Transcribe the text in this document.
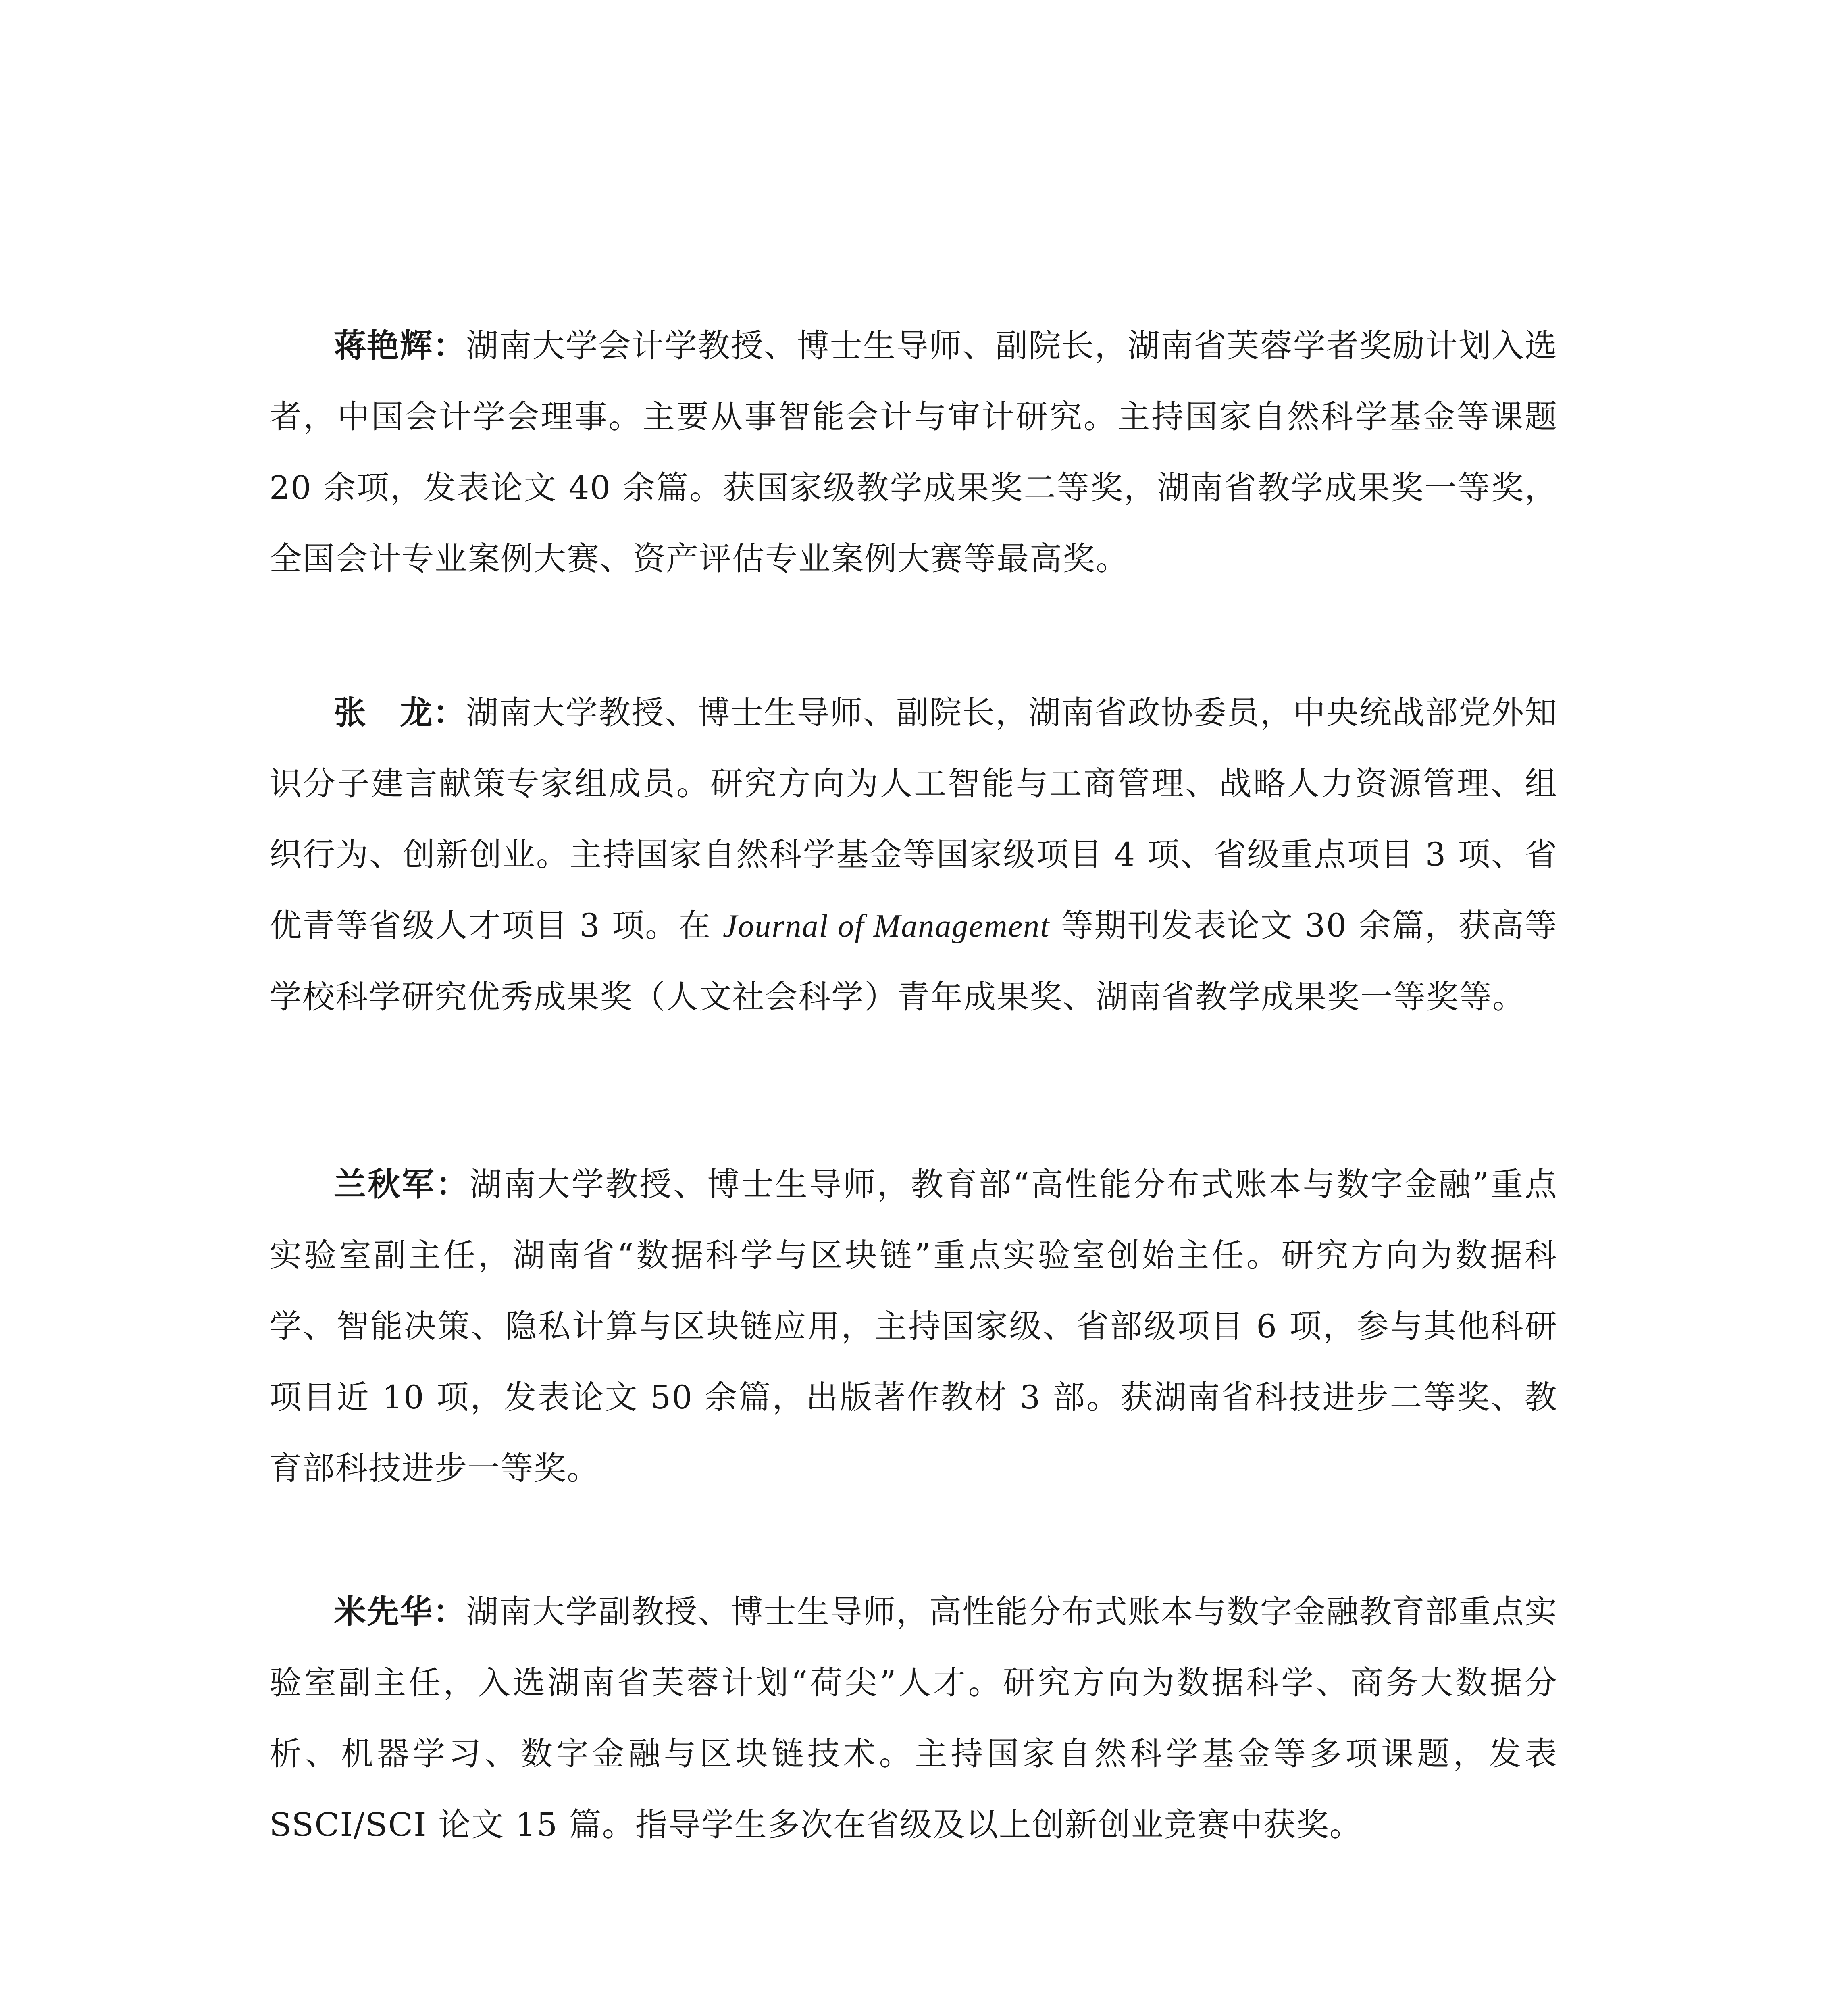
蒋艳辉：湖南大学会计学教授、博士生导师、副院长，湖南省芙蓉学者奖励计划入选者，中国会计学会理事。主要从事智能会计与审计研究。主持国家自然科学基金等课题 20 余项，发表论文 40 余篇。获国家级教学成果奖二等奖，湖南省教学成果奖一等奖，全国会计专业案例大赛、资产评估专业案例大赛等最高奖。

张　龙：湖南大学教授、博士生导师、副院长，湖南省政协委员，中央统战部党外知识分子建言献策专家组成员。研究方向为人工智能与工商管理、战略人力资源管理、组织行为、创新创业。主持国家自然科学基金等国家级项目 4 项、省级重点项目 3 项、省优青等省级人才项目 3 项。在 Journal of Management 等期刊发表论文 30 余篇，获高等学校科学研究优秀成果奖（人文社会科学）青年成果奖、湖南省教学成果奖一等奖等。

兰秋军：湖南大学教授、博士生导师，教育部“高性能分布式账本与数字金融”重点实验室副主任，湖南省“数据科学与区块链”重点实验室创始主任。研究方向为数据科学、智能决策、隐私计算与区块链应用，主持国家级、省部级项目 6 项，参与其他科研项目近 10 项，发表论文 50 余篇，出版著作教材 3 部。获湖南省科技进步二等奖、教育部科技进步一等奖。

米先华：湖南大学副教授、博士生导师，高性能分布式账本与数字金融教育部重点实验室副主任，入选湖南省芙蓉计划“荷尖”人才。研究方向为数据科学、商务大数据分析、机器学习、数字金融与区块链技术。主持国家自然科学基金等多项课题，发表 SSCI/SCI 论文 15 篇。指导学生多次在省级及以上创新创业竞赛中获奖。
